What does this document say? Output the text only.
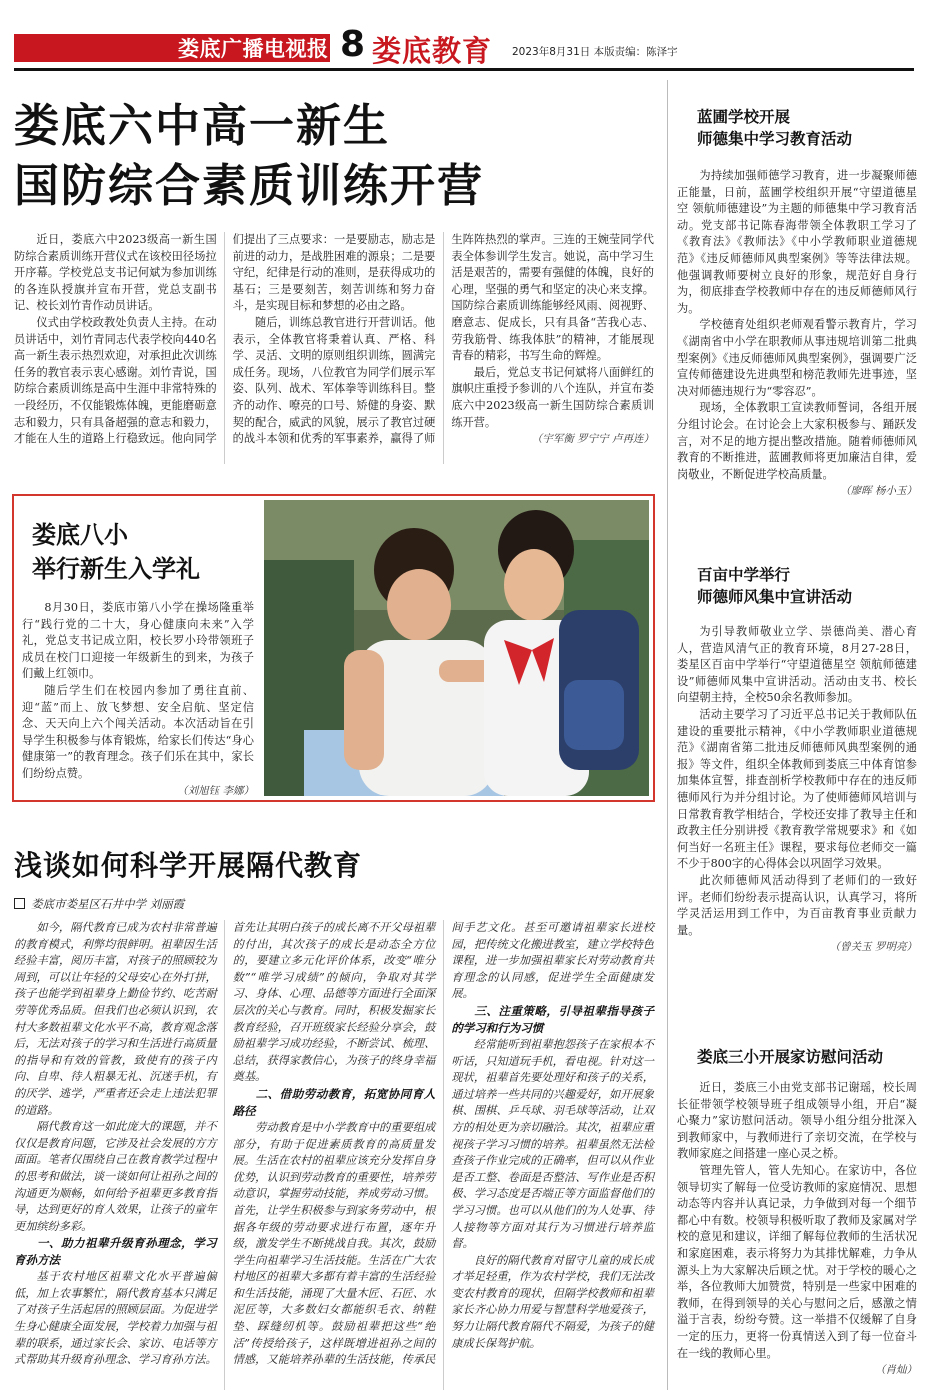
娄底广播电视报 8 娄底教育 2023年8月31日 本版责编：陈泽宇
娄底六中高一新生
国防综合素质训练开营

近日，娄底六中2023级高一新生国防综合素质训练开营仪式在该校田径场拉开序幕。学校党总支书记何斌为参加训练的各连队授旗并宣布开营，党总支副书记、校长刘竹青作动员讲话。

仪式由学校政教处负责人主持。在动员讲话中，刘竹青同志代表学校向440名高一新生表示热烈欢迎，对承担此次训练任务的教官表示衷心感谢。刘竹青说，国防综合素质训练是高中生涯中非常特殊的一段经历，不仅能锻炼体魄，更能磨砺意志和毅力，只有具备超强的意志和毅力，才能在人生的道路上行稳致远。他向同学们提出了三点要求：一是要励志，励志是前进的动力，是战胜困难的源泉；二是要守纪，纪律是行动的准则，是获得成功的基石；三是要刻苦，刻苦训练和努力奋斗，是实现目标和梦想的必由之路。

随后，训练总教官进行开营训话。他表示，全体教官将秉着认真、严格、科学、灵活、文明的原则组织训练，圆满完成任务。现场，八位教官为同学们展示军姿、队列、战术、军体拳等训练科目。整齐的动作、嘹亮的口号、矫健的身姿、默契的配合，威武的风貌，展示了教官过硬的战斗本领和优秀的军事素养，赢得了师生阵阵热烈的掌声。三连的王婉莹同学代表全体参训学生发言。她说，高中学习生活是艰苦的，需要有强健的体魄，良好的心理，坚强的勇气和坚定的决心来支撑。国防综合素质训练能够经风雨、阅视野、磨意志、促成长，只有具备“苦我心志、劳我筋骨、练我体肤”的精神，才能展现青春的精彩，书写生命的辉煌。

最后，党总支书记何斌将八面鲜红的旗帜庄重授予参训的八个连队，并宣布娄底六中2023级高一新生国防综合素质训练开营。

（宇军衡 罗宁宁 卢再连）
娄底八小
举行新生入学礼

8月30日，娄底市第八小学在操场隆重举行“践行党的二十大，身心健康向未来”入学礼，党总支书记成立阳，校长罗小玲带领班子成员在校门口迎接一年级新生的到来，为孩子们戴上红领巾。

随后学生们在校园内参加了勇往直前、迎“蓝”而上、放飞梦想、安全启航、坚定信念、天天向上六个闯关活动。本次活动旨在引导学生积极参与体育锻炼，给家长们传达“身心健康第一”的教育理念。孩子们乐在其中，家长们纷纷点赞。

（刘旭钰 李娜）
浅谈如何科学开展隔代教育
娄底市娄星区石井中学 刘丽霞

如今，隔代教育已成为农村非常普遍的教育模式，利弊均很鲜明。祖辈因生活经验丰富，阅历丰富，对孩子的照顾较为周到，可以让年轻的父母安心在外打拼，孩子也能学到祖辈身上勤俭节约、吃苦耐劳等优秀品质。但我们也必须认识到，农村大多数祖辈文化水平不高，教育观念落后，无法对孩子的学习和生活进行高质量的指导和有效的管教，致使有的孩子内向、自卑、待人粗暴无礼、沉迷手机，有的厌学、逃学，严重者还会走上违法犯罪的道路。

隔代教育这一如此庞大的课题，并不仅仅是教育问题，它涉及社会发展的方方面面。笔者仅围绕自己在教育教学过程中的思考和做法，谈一谈如何让祖孙之间的沟通更为顺畅，如何给予祖辈更多教育指导，达到更好的育人效果，让孩子的童年更加缤纷多彩。

一、助力祖辈升级育孙理念，学习育孙方法

基于农村地区祖辈文化水平普遍偏低，加上农事繁忙，隔代教育基本只满足了对孩子生活起居的照顾层面。为促进学生身心健康全面发展，学校着力加强与祖辈的联系，通过家长会、家访、电话等方式帮助其升级育孙理念、学习育孙方法。首先让其明白孩子的成长离不开父母祖辈的付出，其次孩子的成长是动态全方位的，要建立多元化评价体系，改变“唯分数”“唯学习成绩”的倾向，争取对其学习、身体、心理、品德等方面进行全面深层次的关心与教育。同时，积极发掘家长教育经验，召开班级家长经验分享会，鼓励祖辈学习成功经验，不断尝试、梳理、总结，获得家教信心，为孩子的终身幸福奠基。

二、借助劳动教育，拓宽协同育人路径

劳动教育是中小学教育中的重要组成部分，有助于促进素质教育的高质量发展。生活在农村的祖辈应该充分发挥自身优势，认识到劳动教育的重要性，培养劳动意识，掌握劳动技能，养成劳动习惯。首先，让学生积极参与到家务劳动中，根据各年级的劳动要求进行布置，逐年升级，激发学生不断挑战自我。其次，鼓励学生向祖辈学习生活技能。生活在广大农村地区的祖辈大多都有着丰富的生活经验和生活技能，涌现了大量木匠、石匠、水泥匠等，大多数妇女都能织毛衣、纳鞋垫、踩缝纫机等。鼓励祖辈把这些“绝活”传授给孩子，这样既增进祖孙之间的情感，又能培养孙辈的生活技能，传承民间手艺文化。甚至可邀请祖辈家长进校园，把传统文化搬进教室，建立学校特色课程，进一步加强祖辈家长对劳动教育共育理念的认同感，促进学生全面健康发展。

三、注重策略，引导祖辈指导孩子的学习和行为习惯

经常能听到祖辈抱怨孩子在家根本不听话，只知道玩手机，看电视。针对这一现状，祖辈首先要处理好和孩子的关系，通过培养一些共同的兴趣爱好，如开展象棋、围棋、乒乓球、羽毛球等活动，让双方的相处更为亲切融洽。其次，祖辈应重视孩子学习习惯的培养。祖辈虽然无法检查孩子作业完成的正确率，但可以从作业是否工整、卷面是否整洁、写作业是否积极、学习态度是否端正等方面监督他们的学习习惯。也可以从他们的为人处事、待人接物等方面对其行为习惯进行培养监督。

良好的隔代教育对留守儿童的成长成才举足轻重，作为农村学校，我们无法改变农村教育的现状，但隔学校教师和祖辈家长齐心协力用爱与智慧科学地爱孩子，努力让隔代教育隔代不隔爱，为孩子的健康成长保驾护航。

蓝圃学校开展
师德集中学习教育活动

为持续加强师德学习教育，进一步凝聚师德正能量，日前，蓝圃学校组织开展“守望道德星空 领航师德建设”为主题的师德集中学习教育活动。党支部书记陈春海带领全体教职工学习了《教育法》《教师法》《中小学教师职业道德规范》《违反师德师风典型案例》等等法律法规。他强调教师要树立良好的形象，规范好自身行为，彻底排查学校教师中存在的违反师德师风行为。

学校德育处组织老师观看警示教育片，学习《湖南省中小学在职教师从事违规培训第二批典型案例》《违反师德师风典型案例》，强调要广泛宣传师德建设先进典型和榜范教师先进事迹，坚决对师德违规行为“零容忍”。

现场，全体教职工宣读教师誓词，各组开展分组讨论会。在讨论会上大家积极参与、踊跃发言，对不足的地方提出整改措施。随着师德师风教育的不断推进，蓝圃教师将更加廉洁自律，爱岗敬业，不断促进学校高质量。

（廖晖 杨小玉）
百亩中学举行
师德师风集中宣讲活动

为引导教师敬业立学、崇德尚美、潜心育人，营造风清气正的教育环境，8月27-28日，娄星区百亩中学举行“守望道德星空 领航师德建设”师德师风集中宣讲活动。活动由支书、校长向望朝主持，全校50余名教师参加。

活动主要学习了习近平总书记关于教师队伍建设的重要批示精神，《中小学教师职业道德规范》《湖南省第二批违反师德师风典型案例的通报》等文件，组织全体教师到娄底三中体育馆参加集体宣誓，排查剖析学校教师中存在的违反师德师风行为并分组讨论。为了使师德师风培训与日常教育教学相结合，学校还安排了教导主任和政教主任分别讲授《教育教学常规要求》和《如何当好一名班主任》课程，要求每位老师交一篇不少于800字的心得体会以巩固学习效果。

此次师德师风活动得到了老师们的一致好评。老师们纷纷表示提高认识，认真学习，将所学灵活运用到工作中，为百亩教育事业贡献力量。

（曾关玉 罗明亮）
娄底三小开展家访慰问活动

近日，娄底三小由党支部书记谢瑶，校长周长征带领学校领导班子组成领导小组，开启“凝心聚力”家访慰问活动。领导小组分组分批深入到教师家中，与教师进行了亲切交流，在学校与教师家庭之间搭建一座心灵之桥。

管理先管人，管人先知心。在家访中，各位领导切实了解每一位受访教师的家庭情况、思想动态等内容并认真记录，力争做到对每一个细节都心中有数。校领导积极听取了教师及家属对学校的意见和建议，详细了解每位教师的生活状况和家庭困难，表示将努力为其排忧解难，力争从源头上为大家解决后顾之忧。对于学校的暖心之举，各位教师大加赞赏，特别是一些家中困难的教师，在得到领导的关心与慰问之后，感激之情溢于言表，纷纷夸赞。这一举措不仅缓解了自身一定的压力，更将一份真情送入到了每一位奋斗在一线的教师心里。

（肖灿）
